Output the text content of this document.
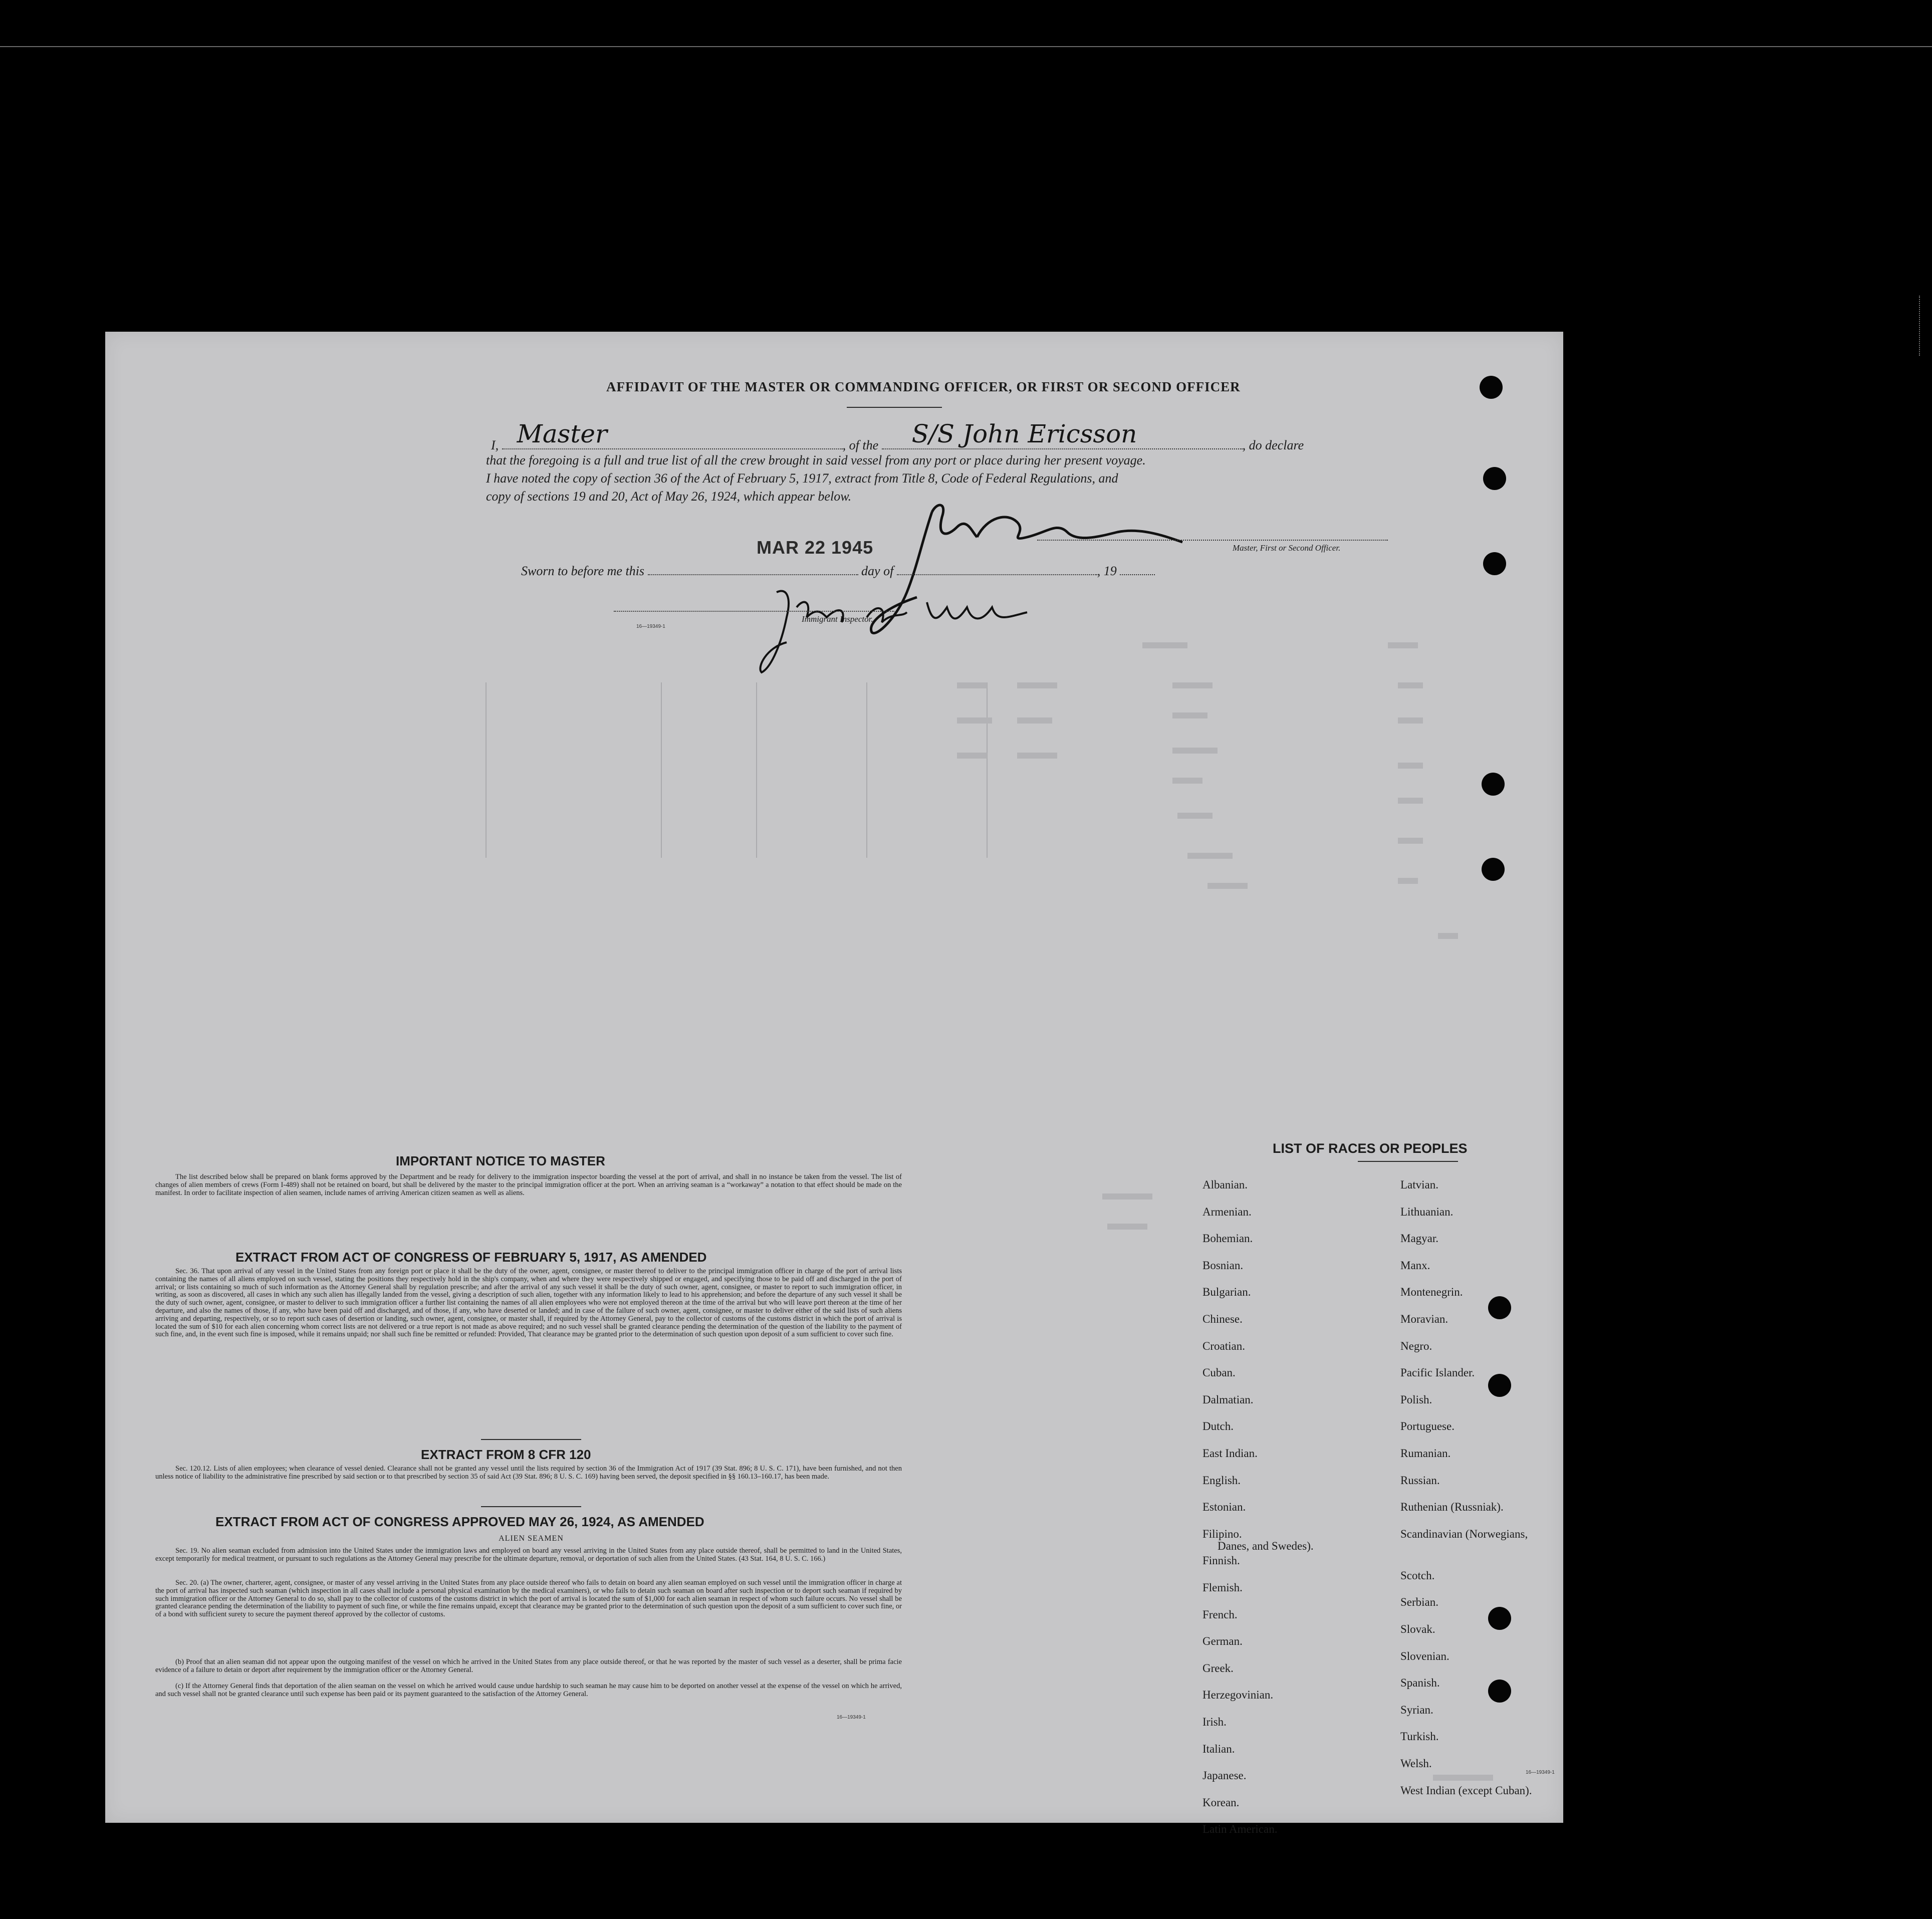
AFFIDAVIT OF THE MASTER OR COMMANDING OFFICER, OR FIRST OR SECOND OFFICER
I, Master	, of the S/S John Ericsson	, do declare
that the foregoing is a full and true list of all the crew brought in said vessel from any port or place during her present voyage.
I have noted the copy of section 36 of the Act of February 5, 1917, extract from Title 8, Code of Federal Regulations, and
copy of sections 19 and 20, Act of May 26, 1924, which appear below.
Master, First or Second Officer.
MAR 22 1945
Sworn to before me this	day of	, 19
Immigrant Inspector.
16—19349-1
IMPORTANT NOTICE TO MASTER

The list described below shall be prepared on blank forms approved by the Department and be ready for delivery to the immigration inspector boarding the vessel at the port of arrival, and shall in no instance be taken from the vessel. The list of changes of alien members of crews (Form I-489) shall not be retained on board, but shall be delivered by the master to the principal immigration officer at the port. When an arriving seaman is a “workaway” a notation to that effect should be made on the manifest. In order to facilitate inspection of alien seamen, include names of arriving American citizen seamen as well as aliens.

EXTRACT FROM ACT OF CONGRESS OF FEBRUARY 5, 1917, AS AMENDED

Sec. 36. That upon arrival of any vessel in the United States from any foreign port or place it shall be the duty of the owner, agent, consignee, or master thereof to deliver to the principal immigration officer in charge of the port of arrival lists containing the names of all aliens employed on such vessel, stating the positions they respectively hold in the ship's company, when and where they were respectively shipped or engaged, and specifying those to be paid off and discharged in the port of arrival; or lists containing so much of such information as the Attorney General shall by regulation prescribe; and after the arrival of any such vessel it shall be the duty of such owner, agent, consignee, or master to report to such immigration officer, in writing, as soon as discovered, all cases in which any such alien has illegally landed from the vessel, giving a description of such alien, together with any information likely to lead to his apprehension; and before the departure of any such vessel it shall be the duty of such owner, agent, consignee, or master to deliver to such immigration officer a further list containing the names of all alien employees who were not employed thereon at the time of the arrival but who will leave port thereon at the time of her departure, and also the names of those, if any, who have been paid off and discharged, and of those, if any, who have deserted or landed; and in case of the failure of such owner, agent, consignee, or master to deliver either of the said lists of such aliens arriving and departing, respectively, or so to report such cases of desertion or landing, such owner, agent, consignee, or master shall, if required by the Attorney General, pay to the collector of customs of the customs district in which the port of arrival is located the sum of $10 for each alien concerning whom correct lists are not delivered or a true report is not made as above required; and no such vessel shall be granted clearance pending the determination of the question of the liability to the payment of such fine, and, in the event such fine is imposed, while it remains unpaid; nor shall such fine be remitted or refunded: Provided, That clearance may be granted prior to the determination of such question upon deposit of a sum sufficient to cover such fine.

EXTRACT FROM 8 CFR 120

Sec. 120.12. Lists of alien employees; when clearance of vessel denied. Clearance shall not be granted any vessel until the lists required by section 36 of the Immigration Act of 1917 (39 Stat. 896; 8 U. S. C. 171), have been furnished, and not then unless notice of liability to the administrative fine prescribed by said section or to that prescribed by section 35 of said Act (39 Stat. 896; 8 U. S. C. 169) having been served, the deposit specified in §§ 160.13–160.17, has been made.

EXTRACT FROM ACT OF CONGRESS APPROVED MAY 26, 1924, AS AMENDED
ALIEN SEAMEN

Sec. 19. No alien seaman excluded from admission into the United States under the immigration laws and employed on board any vessel arriving in the United States from any place outside thereof, shall be permitted to land in the United States, except temporarily for medical treatment, or pursuant to such regulations as the Attorney General may prescribe for the ultimate departure, removal, or deportation of such alien from the United States. (43 Stat. 164, 8 U. S. C. 166.)

Sec. 20. (a) The owner, charterer, agent, consignee, or master of any vessel arriving in the United States from any place outside thereof who fails to detain on board any alien seaman employed on such vessel until the immigration officer in charge at the port of arrival has inspected such seaman (which inspection in all cases shall include a personal physical examination by the medical examiners), or who fails to detain such seaman on board after such inspection or to deport such seaman if required by such immigration officer or the Attorney General to do so, shall pay to the collector of customs of the customs district in which the port of arrival is located the sum of $1,000 for each alien seaman in respect of whom such failure occurs. No vessel shall be granted clearance pending the determination of the liability to payment of such fine, or while the fine remains unpaid, except that clearance may be granted prior to the determination of such question upon the deposit of a sum sufficient to cover such fine, or of a bond with sufficient surety to secure the payment thereof approved by the collector of customs.

(b) Proof that an alien seaman did not appear upon the outgoing manifest of the vessel on which he arrived in the United States from any place outside thereof, or that he was reported by the master of such vessel as a deserter, shall be prima facie evidence of a failure to detain or deport after requirement by the immigration officer or the Attorney General.

(c) If the Attorney General finds that deportation of the alien seaman on the vessel on which he arrived would cause undue hardship to such seaman he may cause him to be deported on another vessel at the expense of the vessel on which he arrived, and such vessel shall not be granted clearance until such expense has been paid or its payment guaranteed to the satisfaction of the Attorney General.

16—19349-1
LIST OF RACES OR PEOPLES
Albanian.
Armenian.
Bohemian.
Bosnian.
Bulgarian.
Chinese.
Croatian.
Cuban.
Dalmatian.
Dutch.
East Indian.
English.
Estonian.
Filipino.
Finnish.
Flemish.
French.
German.
Greek.
Herzegovinian.
Irish.
Italian.
Japanese.
Korean.
Latin American.
Latvian.
Lithuanian.
Magyar.
Manx.
Montenegrin.
Moravian.
Negro.
Pacific Islander.
Polish.
Portuguese.
Rumanian.
Russian.
Ruthenian (Russniak).
Scandinavian (Norwegians,
Danes, and Swedes).
Scotch.
Serbian.
Slovak.
Slovenian.
Spanish.
Syrian.
Turkish.
Welsh.
West Indian (except Cuban).
16—19349-1
